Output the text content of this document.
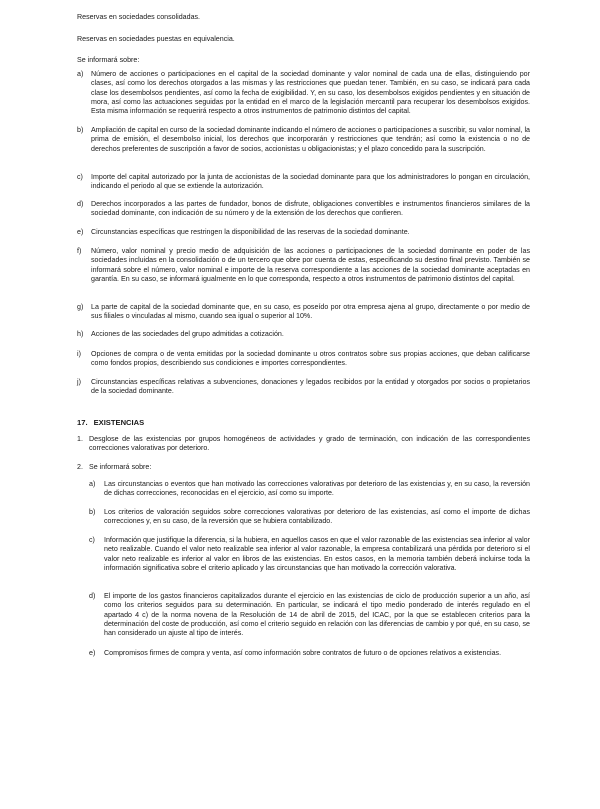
Reservas en sociedades consolidadas.

Reservas en sociedades puestas en equivalencia.

Se informará sobre:

a) Número de acciones o participaciones en el capital de la sociedad dominante y valor nominal de cada una de ellas, distinguiendo por clases, así como los derechos otorgados a las mismas y las restricciones que puedan tener. También, en su caso, se indicará para cada clase los desembolsos pendientes, así como la fecha de exigibilidad. Y, en su caso, los desembolsos exigidos pendientes y en situación de mora, así como las actuaciones seguidas por la entidad en el marco de la legislación mercantil para recuperar los desembolsos exigidos. Esta misma información se requerirá respecto a otros instrumentos de patrimonio distintos del capital.

b) Ampliación de capital en curso de la sociedad dominante indicando el número de acciones o participaciones a suscribir, su valor nominal, la prima de emisión, el desembolso inicial, los derechos que incorporarán y restricciones que tendrán; así como la existencia o no de derechos preferentes de suscripción a favor de socios, accionistas u obligacionistas; y el plazo concedido para la suscripción.

c) Importe del capital autorizado por la junta de accionistas de la sociedad dominante para que los administradores lo pongan en circulación, indicando el periodo al que se extiende la autorización.

d) Derechos incorporados a las partes de fundador, bonos de disfrute, obligaciones convertibles e instrumentos financieros similares de la sociedad dominante, con indicación de su número y de la extensión de los derechos que confieren.

e) Circunstancias específicas que restringen la disponibilidad de las reservas de la sociedad dominante.

f) Número, valor nominal y precio medio de adquisición de las acciones o participaciones de la sociedad dominante en poder de las sociedades incluidas en la consolidación o de un tercero que obre por cuenta de estas, especificando su destino final previsto. También se informará sobre el número, valor nominal e importe de la reserva correspondiente a las acciones de la sociedad dominante aceptadas en garantía. En su caso, se informará igualmente en lo que corresponda, respecto a otros instrumentos de patrimonio distintos del capital.

g) La parte de capital de la sociedad dominante que, en su caso, es poseído por otra empresa ajena al grupo, directamente o por medio de sus filiales o vinculadas al mismo, cuando sea igual o superior al 10%.

h) Acciones de las sociedades del grupo admitidas a cotización.

i) Opciones de compra o de venta emitidas por la sociedad dominante u otros contratos sobre sus propias acciones, que deban calificarse como fondos propios, describiendo sus condiciones e importes correspondientes.

j) Circunstancias específicas relativas a subvenciones, donaciones y legados recibidos por la entidad y otorgados por socios o propietarios de la sociedad dominante.

17. EXISTENCIAS
1. Desglose de las existencias por grupos homogéneos de actividades y grado de terminación, con indicación de las correspondientes correcciones valorativas por deterioro.

2. Se informará sobre:

a) Las circunstancias o eventos que han motivado las correcciones valorativas por deterioro de las existencias y, en su caso, la reversión de dichas correcciones, reconocidas en el ejercicio, así como su importe.

b) Los criterios de valoración seguidos sobre correcciones valorativas por deterioro de las existencias, así como el importe de dichas correcciones y, en su caso, de la reversión que se hubiera contabilizado.

c) Información que justifique la diferencia, si la hubiera, en aquellos casos en que el valor razonable de las existencias sea inferior al valor neto realizable. Cuando el valor neto realizable sea inferior al valor razonable, la empresa contabilizará una pérdida por deterioro si el valor neto realizable es inferior al valor en libros de las existencias. En estos casos, en la memoria también deberá incluirse toda la información significativa sobre el criterio aplicado y las circunstancias que han motivado la corrección valorativa.

d) El importe de los gastos financieros capitalizados durante el ejercicio en las existencias de ciclo de producción superior a un año, así como los criterios seguidos para su determinación. En particular, se indicará el tipo medio ponderado de interés regulado en el apartado 4 c) de la norma novena de la Resolución de 14 de abril de 2015, del ICAC, por la que se establecen criterios para la determinación del coste de producción, así como el criterio seguido en relación con las diferencias de cambio y por qué, en su caso, se han considerado un ajuste al tipo de interés.

e) Compromisos firmes de compra y venta, así como información sobre contratos de futuro o de opciones relativos a existencias.
